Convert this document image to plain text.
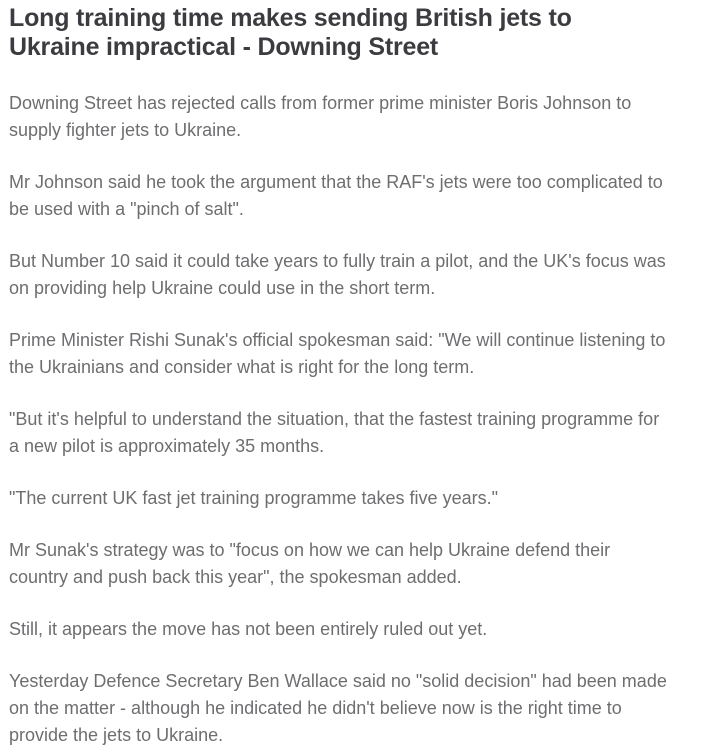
Long training time makes sending British jets to Ukraine impractical - Downing Street

Downing Street has rejected calls from former prime minister Boris Johnson to supply fighter jets to Ukraine.

Mr Johnson said he took the argument that the RAF's jets were too complicated to be used with a "pinch of salt".

But Number 10 said it could take years to fully train a pilot, and the UK's focus was on providing help Ukraine could use in the short term.

Prime Minister Rishi Sunak's official spokesman said: "We will continue listening to the Ukrainians and consider what is right for the long term.

"But it's helpful to understand the situation, that the fastest training programme for a new pilot is approximately 35 months.

"The current UK fast jet training programme takes five years."

Mr Sunak's strategy was to "focus on how we can help Ukraine defend their country and push back this year", the spokesman added.

Still, it appears the move has not been entirely ruled out yet.

Yesterday Defence Secretary Ben Wallace said no "solid decision" had been made on the matter - although he indicated he didn't believe now is the right time to provide the jets to Ukraine.
